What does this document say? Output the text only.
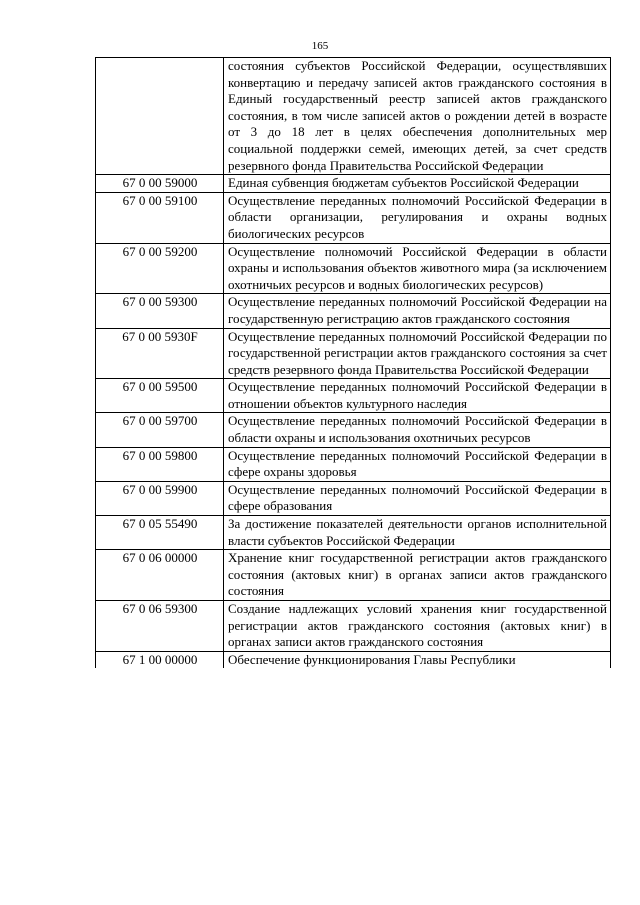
165
	состояния субъектов Российской Федерации, осуществлявших конвертацию и передачу записей актов гражданского состояния в Единый государственный реестр записей актов гражданского состояния, в том числе записей актов о рождении детей в возрасте от 3 до 18 лет в целях обеспечения дополнительных мер социальной поддержки семей, имеющих детей, за счет средств резервного фонда Правительства Российской Федерации
67 0 00 59000	Единая субвенция бюджетам субъектов Российской Федерации
67 0 00 59100	Осуществление переданных полномочий Российской Федерации в области организации, регулирования и охраны водных биологических ресурсов
67 0 00 59200	Осуществление полномочий Российской Федерации в области охраны и использования объектов животного мира (за исключением охотничьих ресурсов и водных биологических ресурсов)
67 0 00 59300	Осуществление переданных полномочий Российской Федерации на государственную регистрацию актов гражданского состояния
67 0 00 5930F	Осуществление переданных полномочий Российской Федерации по государственной регистрации актов гражданского состояния за счет средств резервного фонда Правительства Российской Федерации
67 0 00 59500	Осуществление переданных полномочий Российской Федерации в отношении объектов культурного наследия
67 0 00 59700	Осуществление переданных полномочий Российской Федерации в области охраны и использования охотничьих ресурсов
67 0 00 59800	Осуществление переданных полномочий Российской Федерации в сфере охраны здоровья
67 0 00 59900	Осуществление переданных полномочий Российской Федерации в сфере образования
67 0 05 55490	За достижение показателей деятельности органов исполнительной власти субъектов Российской Федерации
67 0 06 00000	Хранение книг государственной регистрации актов гражданского состояния (актовых книг) в органах записи актов гражданского состояния
67 0 06 59300	Создание надлежащих условий хранения книг государственной регистрации актов гражданского состояния (актовых книг) в органах записи актов гражданского состояния
67 1 00 00000	Обеспечение функционирования Главы Республики
